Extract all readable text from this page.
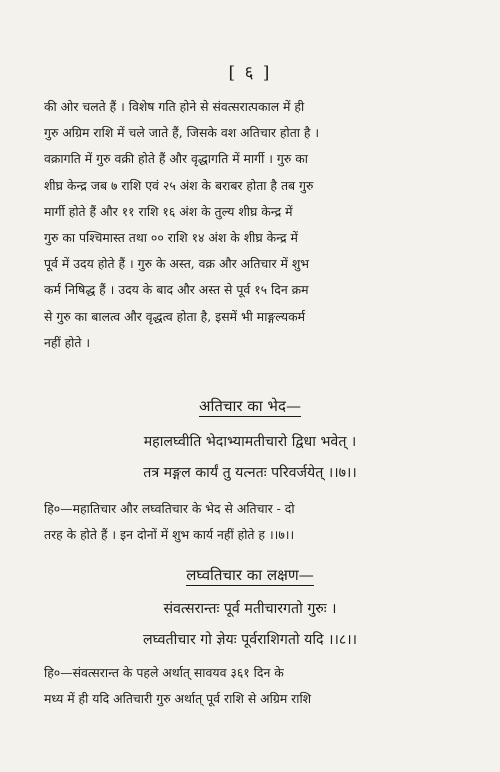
[ ६ ]
की ओर चलते हैं । विशेष गति होने से संवत्सरात्पकाल में ही
गुरु अग्रिम राशि में चले जाते हैं, जिसके वश अतिचार होता है ।
वक्रागति में गुरु वक्री होते हैं और वृद्धागति में मार्गी । गुरु का
शीघ्र केन्द्र जब ७ राशि एवं २५ अंश के बराबर होता है तब गुरु
मार्गी होते हैं और ११ राशि १६ अंश के तुल्य शीघ्र केन्द्र में
गुरु का पश्चिमास्त तथा ०० राशि १४ अंश के शीघ्र केन्द्र में
पूर्व में उदय होते हैं । गुरु के अस्त, वक्र और अतिचार में शुभ
कर्म निषिद्ध हैं । उदय के बाद और अस्त से पूर्व १५ दिन क्रम
से गुरु का बालत्व और वृद्धत्व होता है, इसमें भी माङ्गल्यकर्म
नहीं होते ।
अतिचार का भेद—
महालघ्वीति भेदाभ्यामतीचारो द्विधा भवेत् ।
तत्र मङ्गल कार्यं तु यत्नतः परिवर्जयेत् ।।७।।
हि०—महातिचार और लघ्वतिचार के भेद से अतिचार - दो
तरह के होते हैं । इन दोनों में शुभ कार्य नहीं होते ह ।।७।।
लघ्वतिचार का लक्षण—
संवत्सरान्तः पूर्व मतीचारगतो गुरुः ।
लघ्वतीचार गो ज्ञेयः पूर्वराशिगतो यदि ।।८।।
हि०—संवत्सरान्त के पहले अर्थात् सावयव ३६१ दिन के
मध्य में ही यदि अतिचारी गुरु अर्थात् पूर्व राशि से अग्रिम राशि
